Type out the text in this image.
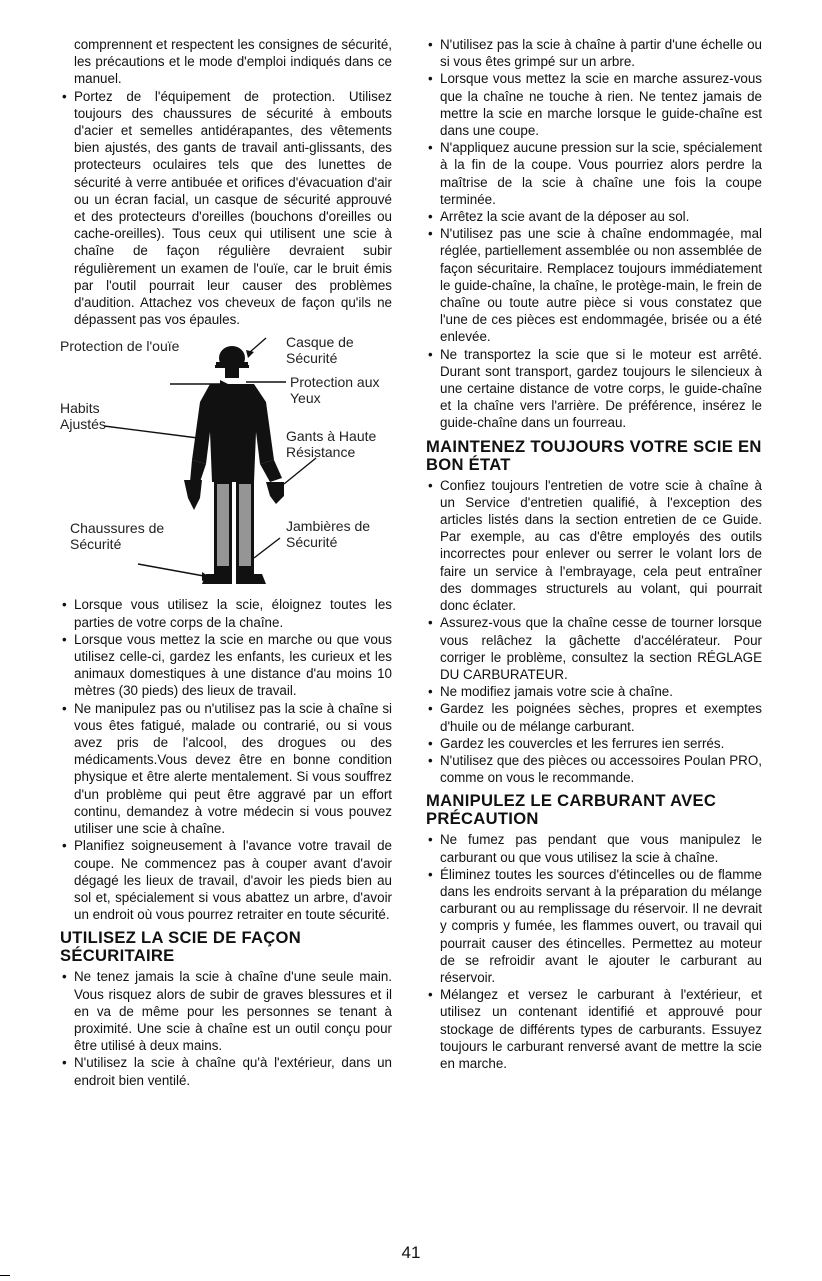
comprennent et respectent les consignes de sécurité, les précautions et le mode d'emploi indiqués dans ce manuel.

• Portez de l'équipement de protection. Utilisez toujours des chaussures de sécurité à embouts d'acier et semelles antidérapantes, des vêtements bien ajustés, des gants de travail anti-glissants, des protecteurs oculaires tels que des lunettes de sécurité à verre antibuée et orifices d'évacuation d'air ou un écran facial, un casque de sécurité approuvé et des protecteurs d'oreilles (bouchons d'oreilles ou cache-oreilles). Tous ceux qui utilisent une scie à chaîne de façon régulière devraient subir régulièrement un examen de l'ouïe, car le bruit émis par l'outil pourrait leur causer des problèmes d'audition. Attachez vos cheveux de façon qu'ils ne dépassent pas vos épaules.
Protection de l'ouïe	Casque de Sécurité
Protection aux Yeux
Habits Ajustés
Gants à Haute Résistance
Chaussures de Sécurité
Jambières de Sécurité
• Lorsque vous utilisez la scie, éloignez toutes les parties de votre corps de la chaîne.
• Lorsque vous mettez la scie en marche ou que vous utilisez celle-ci, gardez les enfants, les curieux et les animaux domestiques à une distance d'au moins 10 mètres (30 pieds) des lieux de travail.
• Ne manipulez pas ou n'utilisez pas la scie à chaîne si vous êtes fatigué, malade ou contrarié, ou si vous avez pris de l'alcool, des drogues ou des médicaments.Vous devez être en bonne condition physique et être alerte mentalement. Si vous souffrez d'un problème qui peut être aggravé par un effort continu, demandez à votre médecin si vous pouvez utiliser une scie à chaîne.
• Planifiez soigneusement à l'avance votre travail de coupe. Ne commencez pas à couper avant d'avoir dégagé les lieux de travail, d'avoir les pieds bien au sol et, spécialement si vous abattez un arbre, d'avoir un endroit où vous pourrez retraiter en toute sécurité.
UTILISEZ LA SCIE DE FAÇON SÉCURITAIRE
• Ne tenez jamais la scie à chaîne d'une seule main. Vous risquez alors de subir de graves blessures et il en va de même pour les personnes se tenant à proximité. Une scie à chaîne est un outil conçu pour être utilisé à deux mains.
• N'utilisez la scie à chaîne qu'à l'extérieur, dans un endroit bien ventilé.
• N'utilisez pas la scie à chaîne à partir d'une échelle ou si vous êtes grimpé sur un arbre.
• Lorsque vous mettez la scie en marche assurez-vous que la chaîne ne touche à rien. Ne tentez jamais de mettre la scie en marche lorsque le guide-chaîne est dans une coupe.
• N'appliquez aucune pression sur la scie, spécialement à la fin de la coupe. Vous pourriez alors perdre la maîtrise de la scie à chaîne une fois la coupe terminée.
• Arrêtez la scie avant de la déposer au sol.
• N'utilisez pas une scie à chaîne endommagée, mal réglée, partiellement assemblée ou non assemblée de façon sécuritaire. Remplacez toujours immédiatement le guide-chaîne, la chaîne, le protège-main, le frein de chaîne ou toute autre pièce si vous constatez que l'une de ces pièces est endommagée, brisée ou a été enlevée.
• Ne transportez la scie que si le moteur est arrêté. Durant sont transport, gardez toujours le silencieux à une certaine distance de votre corps, le guide-chaîne et la chaîne vers l'arrière. De préférence, insérez le guide-chaîne dans un fourreau.
MAINTENEZ TOUJOURS VOTRE SCIE EN BON ÉTAT
• Confiez toujours l'entretien de votre scie à chaîne à un Service d'entretien qualifié, à l'exception des articles listés dans la section entretien de ce Guide. Par exemple, au cas d'être employés des outils incorrectes pour enlever ou serrer le volant lors de faire un service à l'embrayage, cela peut entraîner des dommages structurels au volant, qui pourrait donc éclater.
• Assurez-vous que la chaîne cesse de tourner lorsque vous relâchez la gâchette d'accélérateur. Pour corriger le problème, consultez la section RÉGLAGE DU CARBURATEUR.
• Ne modifiez jamais votre scie à chaîne.
• Gardez les poignées sèches, propres et exemptes d'huile ou de mélange carburant.
• Gardez les couvercles et les ferrures ien serrés.
• N'utilisez que des pièces ou accessoires Poulan PRO, comme on vous le recommande.
MANIPULEZ LE CARBURANT AVEC PRÉCAUTION
• Ne fumez pas pendant que vous manipulez le carburant ou que vous utilisez la scie à chaîne.
• Éliminez toutes les sources d'étincelles ou de flamme dans les endroits servant à la préparation du mélange carburant ou au remplissage du réservoir. Il ne devrait y compris y fumée, les flammes ouvert, ou travail qui pourrait causer des étincelles. Permettez au moteur de se refroidir avant le ajouter le carburant au réservoir.
• Mélangez et versez le carburant à l'extérieur, et utilisez un contenant identifié et approuvé pour stockage de différents types de carburants. Essuyez toujours le carburant renversé avant de mettre la scie en marche.
41
